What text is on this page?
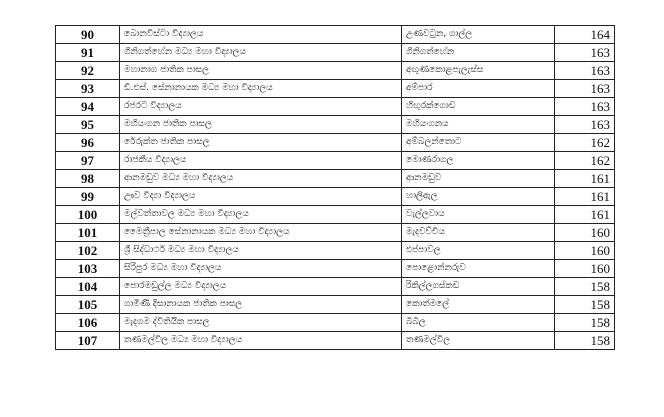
90	බොනවිස්ටා විද්‍යාලය	උණවටුන, ගාල්ල	164
91	ගිනිගත්හේන මධ්‍ය මහා විද්‍යාලය	ගිනිගත්හේන	163
92	මහානාග ජාතික පාසල	අඟුණකොළපැලැස්ස	163
93	ඩී.එස්. සේනානායක මධ්‍ය මහා විද්‍යාලය	අම්පාර	163
94	රජරට විද්‍යාලය	හිඟුරක්ගොඩ	163
95	මහියංගන ජාතික පාසල	මහියංගනය	163
96	රේරුක්ත ජාතික පාසල	අම්බලන්තොට	162
97	රාජකීය විද්‍යාලය	මොණරාගල	162
98	ආනමඩුව මධ්‍ය මහා විද්‍යාලය	ආනමඩුව	161
99	ඌව විද්‍යා විද්‍යාලය	හාලිඇල	161
100	මල්වත්තාවල මධ්‍ය මහා විද්‍යාලය	වැල්ලවාය	161
101	මෛත්‍රීපාල සේනානායක මධ්‍ය මහා විද්‍යාලය	මැදවච්චිය	160
102	ශ්‍රී සිද්ධාර්ථ මධ්‍ය මහා විද්‍යාලය	එප්පාවල	160
103	සිරිපුර මධ්‍ය මහා විද්‍යාලය	පොළොන්නරුව	160
104	පොරමඩුල්ල මධ්‍ය විද්‍යාලය	රිකිල්ලගස්කඩ	158
105	ගාමිණී දිසානායක ජාතික පාසල	කොත්මලේ	158
106	මැදගම ද්විතියික පාසල	බිබිල	158
107	තණමල්විල මධ්‍ය මහා විද්‍යාලය	තණමල්විල	158
